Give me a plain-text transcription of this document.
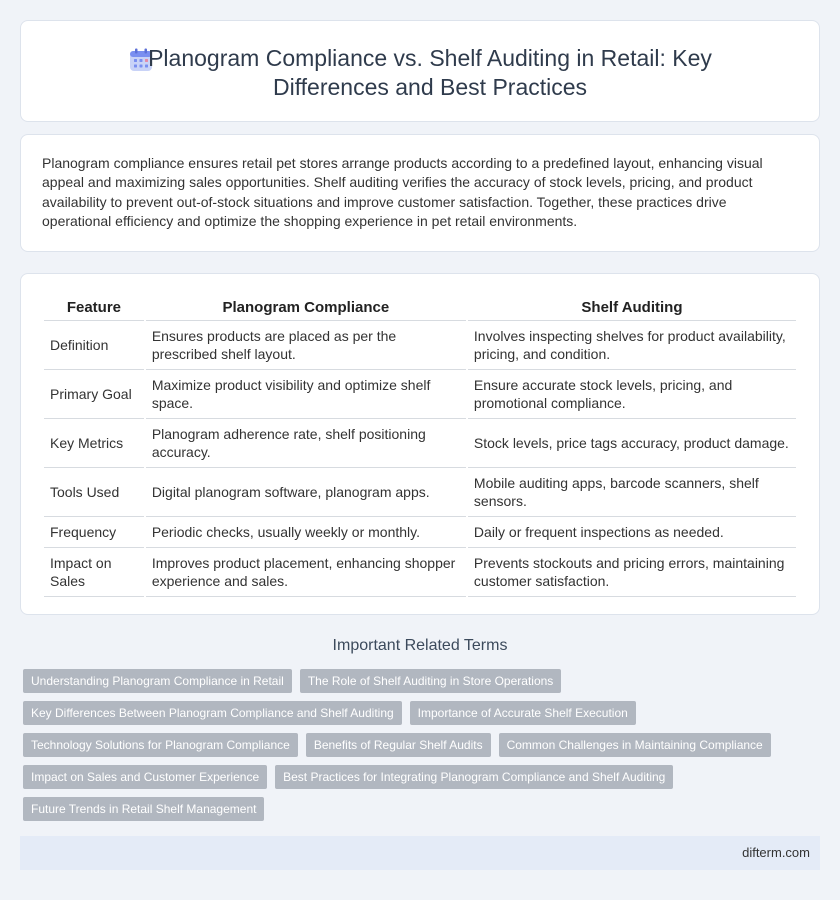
Planogram Compliance vs. Shelf Auditing in Retail: Key Differences and Best Practices

Planogram compliance ensures retail pet stores arrange products according to a predefined layout, enhancing visual appeal and maximizing sales opportunities. Shelf auditing verifies the accuracy of stock levels, pricing, and product availability to prevent out-of-stock situations and improve customer satisfaction. Together, these practices drive operational efficiency and optimize the shopping experience in pet retail environments.

Feature	Planogram Compliance	Shelf Auditing
Definition	Ensures products are placed as per the prescribed shelf layout.	Involves inspecting shelves for product availability, pricing, and condition.
Primary Goal	Maximize product visibility and optimize shelf space.	Ensure accurate stock levels, pricing, and promotional compliance.
Key Metrics	Planogram adherence rate, shelf positioning accuracy.	Stock levels, price tags accuracy, product damage.
Tools Used	Digital planogram software, planogram apps.	Mobile auditing apps, barcode scanners, shelf sensors.
Frequency	Periodic checks, usually weekly or monthly.	Daily or frequent inspections as needed.
Impact on Sales	Improves product placement, enhancing shopper experience and sales.	Prevents stockouts and pricing errors, maintaining customer satisfaction.
Important Related Terms
Understanding Planogram Compliance in Retail	The Role of Shelf Auditing in Store Operations
Key Differences Between Planogram Compliance and Shelf Auditing	Importance of Accurate Shelf Execution
Technology Solutions for Planogram Compliance	Benefits of Regular Shelf Audits	Common Challenges in Maintaining Compliance
Impact on Sales and Customer Experience	Best Practices for Integrating Planogram Compliance and Shelf Auditing
Future Trends in Retail Shelf Management
difterm.com
